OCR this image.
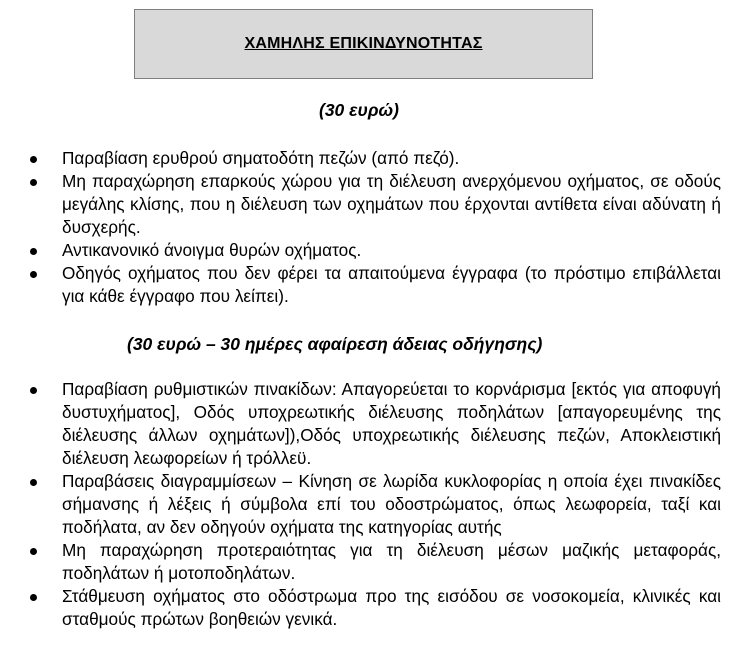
ΧΑΜΗΛΗΣ ΕΠΙΚΙΝΔΥΝΟΤΗΤΑΣ
(30 ευρώ)
Παραβίαση ερυθρού σηματοδότη πεζών (από πεζό).
Μη παραχώρηση επαρκούς χώρου για τη διέλευση ανερχόμενου οχήματος, σε οδούς μεγάλης κλίσης, που η διέλευση των οχημάτων που έρχονται αντίθετα είναι αδύνατη ή δυσχερής.
Αντικανονικό άνοιγμα θυρών οχήματος.
Οδηγός οχήματος που δεν φέρει τα απαιτούμενα έγγραφα (το πρόστιμο επιβάλλεται για κάθε έγγραφο που λείπει).
(30 ευρώ – 30 ημέρες αφαίρεση άδειας οδήγησης)
Παραβίαση ρυθμιστικών πινακίδων: Απαγορεύεται το κορνάρισμα [εκτός για αποφυγή δυστυχήματος], Οδός υποχρεωτικής διέλευσης ποδηλάτων [απαγορευμένης της διέλευσης άλλων οχημάτων]),Οδός υποχρεωτικής διέλευσης πεζών, Αποκλειστική διέλευση λεωφορείων ή τρόλλεϋ.
Παραβάσεις διαγραμμίσεων – Κίνηση σε λωρίδα κυκλοφορίας η οποία έχει πινακίδες σήμανσης ή λέξεις ή σύμβολα επί του οδοστρώματος, όπως λεωφορεία, ταξί και ποδήλατα, αν δεν οδηγούν οχήματα της κατηγορίας αυτής
Μη παραχώρηση προτεραιότητας για τη διέλευση μέσων μαζικής μεταφοράς, ποδηλάτων ή μοτοποδηλάτων.
Στάθμευση οχήματος στο οδόστρωμα προ της εισόδου σε νοσοκομεία, κλινικές και σταθμούς πρώτων βοηθειών γενικά.
